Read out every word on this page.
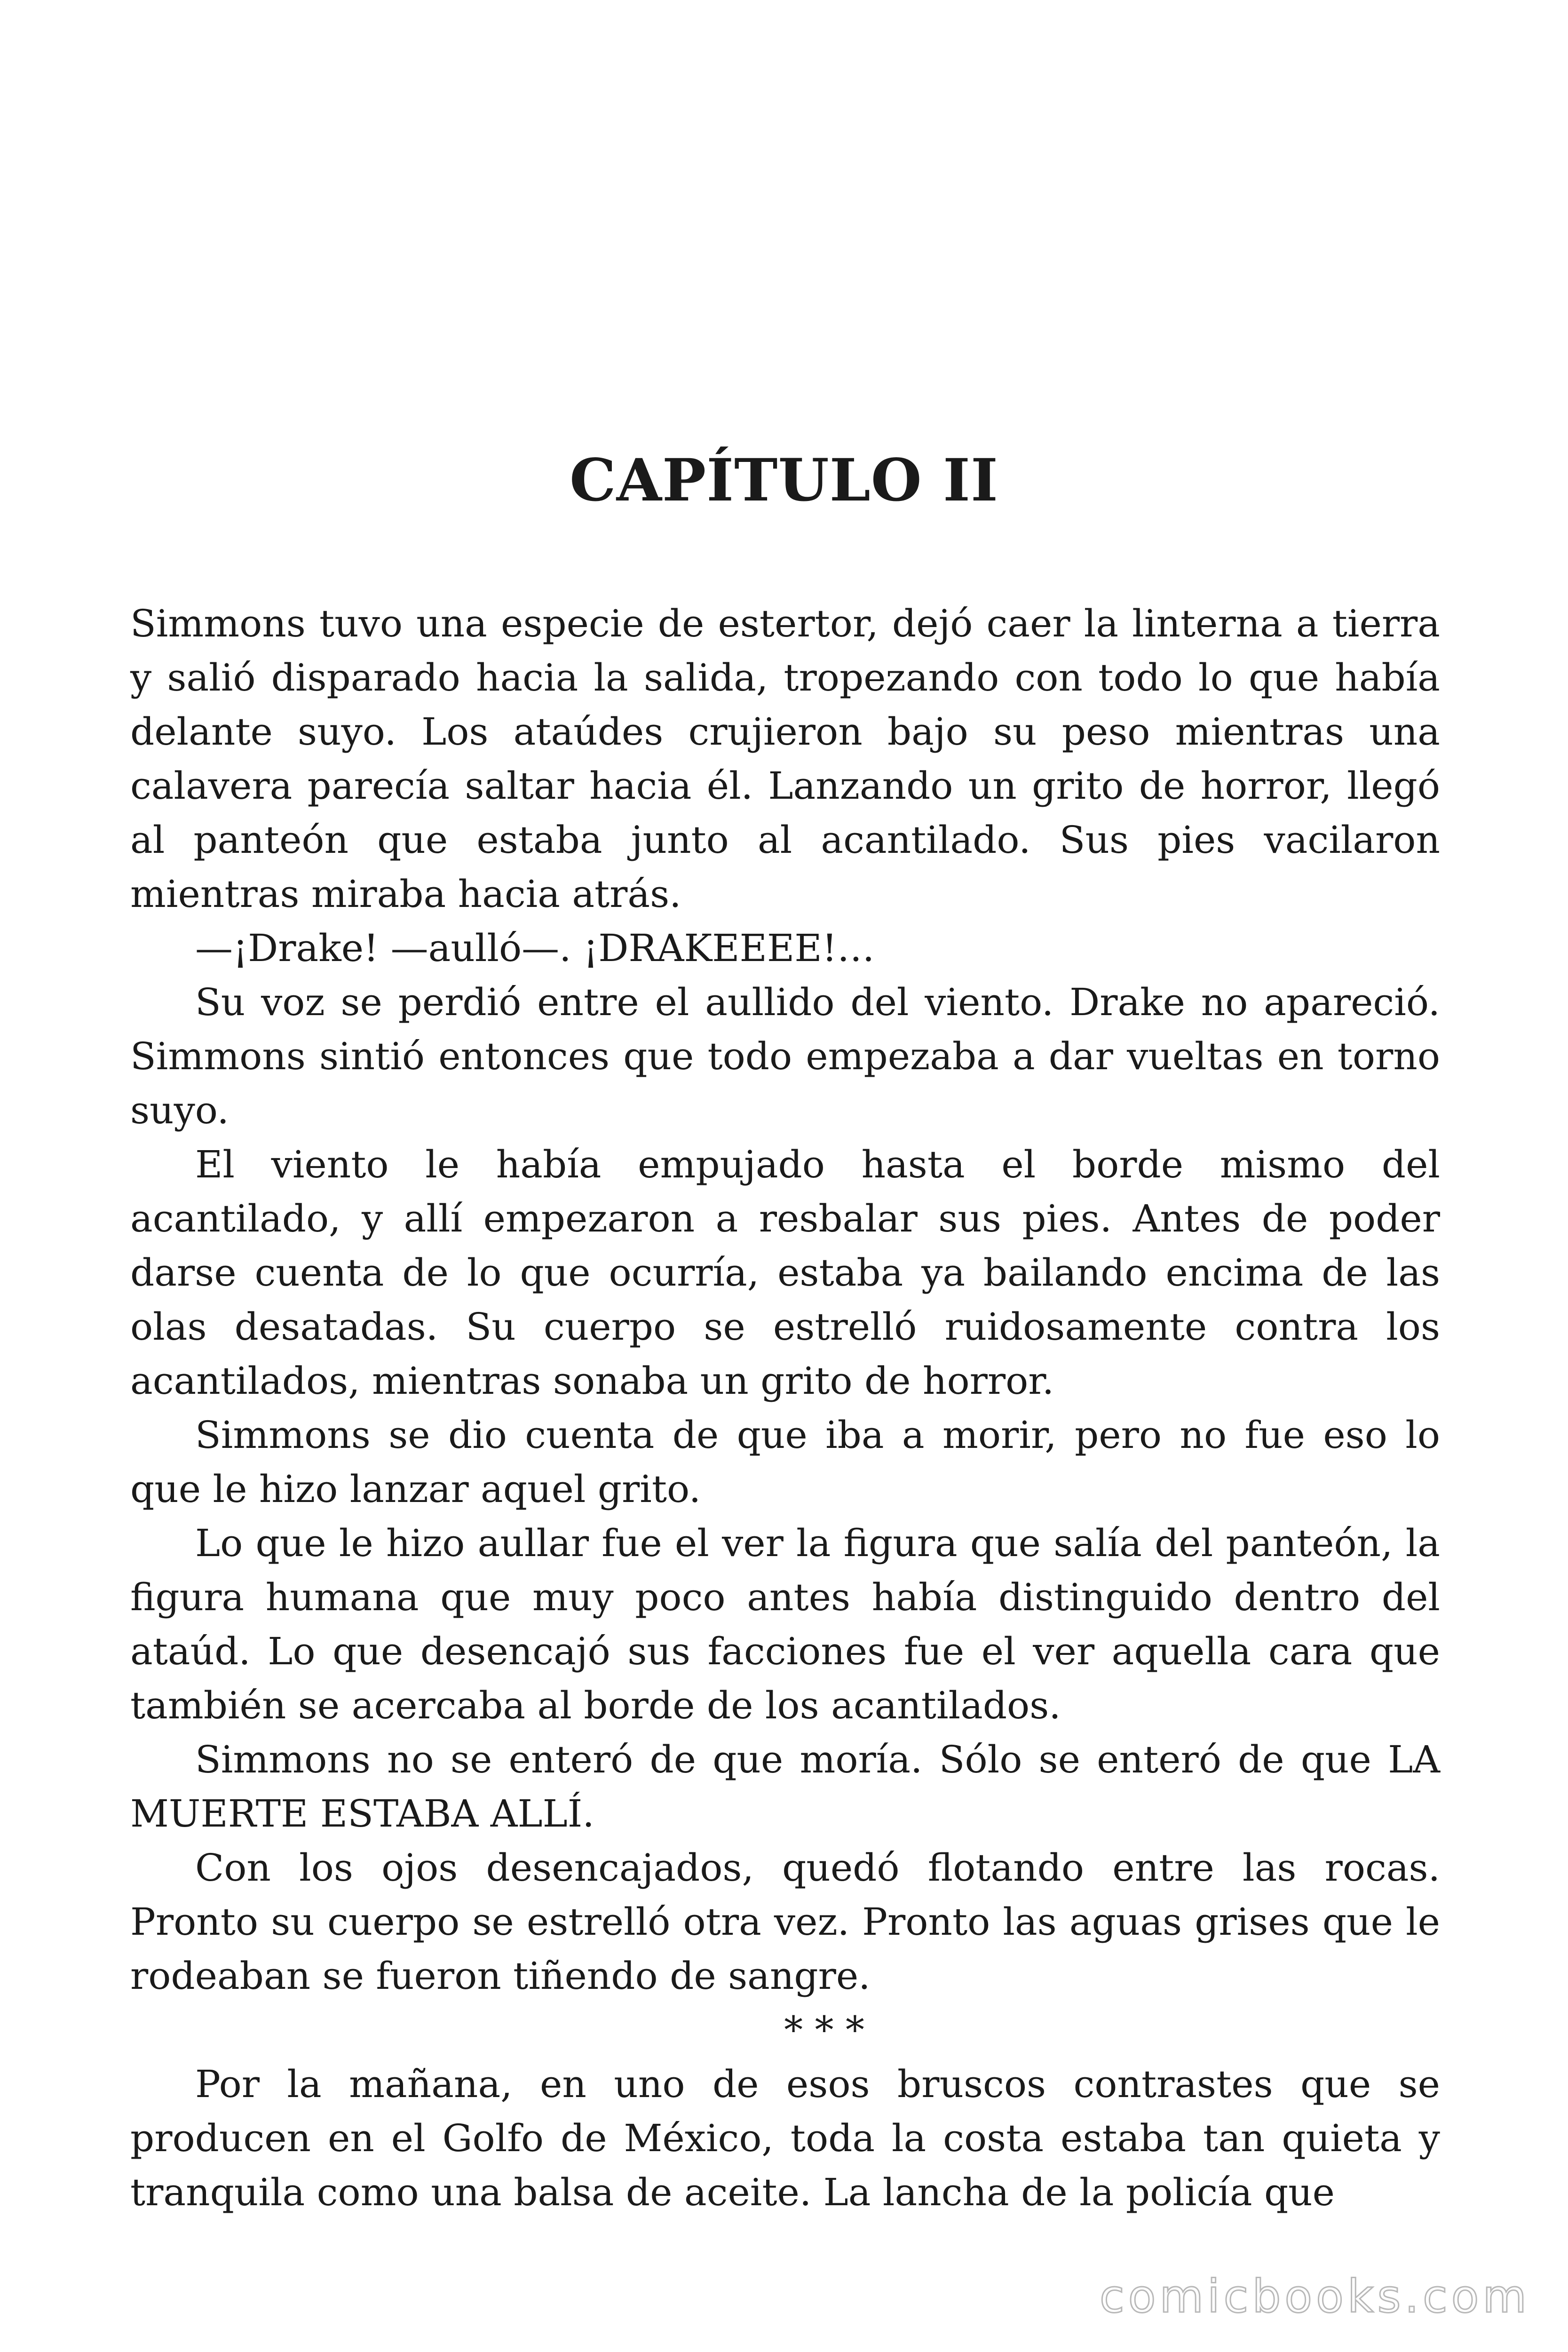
CAPÍTULO II

Simmons tuvo una especie de estertor, dejó caer la linterna a tierra y salió disparado hacia la salida, tropezando con todo lo que había delante suyo. Los ataúdes crujieron bajo su peso mientras una calavera parecía saltar hacia él. Lanzando un grito de horror, llegó al panteón que estaba junto al acantilado. Sus pies vacilaron mientras miraba hacia atrás.

—¡Drake! —aulló—. ¡DRAKEEEE!…

Su voz se perdió entre el aullido del viento. Drake no apareció. Simmons sintió entonces que todo empezaba a dar vueltas en torno suyo.

El viento le había empujado hasta el borde mismo del acantilado, y allí empezaron a resbalar sus pies. Antes de poder darse cuenta de lo que ocurría, estaba ya bailando encima de las olas desatadas. Su cuerpo se estrelló ruidosamente contra los acantilados, mientras sonaba un grito de horror.

Simmons se dio cuenta de que iba a morir, pero no fue eso lo que le hizo lanzar aquel grito.

Lo que le hizo aullar fue el ver la figura que salía del panteón, la figura humana que muy poco antes había distinguido dentro del ataúd. Lo que desencajó sus facciones fue el ver aquella cara que también se acercaba al borde de los acantilados.

Simmons no se enteró de que moría. Sólo se enteró de que LA MUERTE ESTABA ALLÍ.

Con los ojos desencajados, quedó flotando entre las rocas. Pronto su cuerpo se estrelló otra vez. Pronto las aguas grises que le rodeaban se fueron tiñendo de sangre.

* * *

Por la mañana, en uno de esos bruscos contrastes que se producen en el Golfo de México, toda la costa estaba tan quieta y tranquila como una balsa de aceite. La lancha de la policía que

comicbooks.com
